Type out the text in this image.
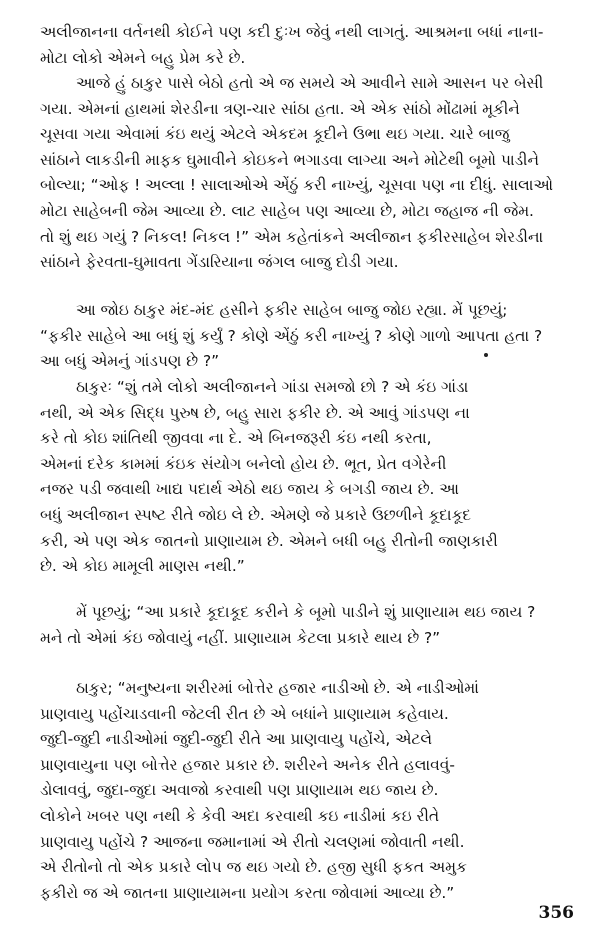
અલીજાનના વર્તનથી કોઈને પણ કદી દુઃખ જેવું નથી લાગતું. આશ્રમના બધાં નાના-
મોટા લોકો એમને બહુ પ્રેમ કરે છે.

આજે હું ઠાકુર પાસે બેઠો હતો એ જ સમયે એ આવીને સામે આસન પર બેસી
ગયા. એમનાં હાથમાં શેરડીના ત્રણ-ચાર સાંઠા હતા. એ એક સાંઠો મોંઢામાં મૂકીને
ચૂસવા ગયા એવામાં કંઇ થયું એટલે એકદમ કૂદીને ઉભા થઇ ગયા. ચારે બાજુ
સાંઠાને લાકડીની માફક ઘુમાવીને કોઇકને ભગાડવા લાગ્યા અને મોટેથી બૂમો પાડીને
બોલ્યા; “ઓફ ! અલ્લા ! સાલાઓએ એંઠું કરી નાખ્યું, ચૂસવા પણ ના દીધું. સાલાઓ
મોટા સાહેબની જેમ આવ્યા છે. લાટ સાહેબ પણ આવ્યા છે, મોટા જહાજ ની જેમ.
તો શું થઇ ગયું ? નિકલ! નિકલ !” એમ કહેતાંકને અલીજાન ફકીરસાહેબ શેરડીના
સાંઠાને ફેરવતા-ઘુમાવતા ગેંડારિયાના જંગલ બાજુ દોડી ગયા.

આ જોઇ ઠાકુર મંદ-મંદ હસીને ફકીર સાહેબ બાજુ જોઇ રહ્યા. મેં પૂછયું;
“ફકીર સાહેબે આ બધું શું કર્યું ? કોણે એંઠું કરી નાખ્યું ? કોણે ગાળો આપતા હતા ?
આ બધું એમનું ગાંડપણ છે ?”

ઠાકુરઃ “શું તમે લોકો અલીજાનને ગાંડા સમજો છો ? એ કંઇ ગાંડા
નથી, એ એક સિદ્ધ પુરુષ છે, બહુ સારા ફકીર છે. એ આવું ગાંડપણ ના
કરે તો કોઇ શાંતિથી જીવવા ના દે. એ બિનજરૂરી કંઇ નથી કરતા,
એમનાં દરેક કામમાં કંઇક સંયોગ બનેલો હોય છે. ભૂત, પ્રેત વગેરેની
નજર પડી જવાથી ખાદ્ય પદાર્થ એઠો થઇ જાય કે બગડી જાય છે. આ
બધું અલીજાન સ્પષ્ટ રીતે જોઇ લે છે. એમણે જે પ્રકારે ઉછળીને કૂદાકૂદ
કરી, એ પણ એક જાતનો પ્રાણાયામ છે. એમને બધી બહુ રીતોની જાણકારી
છે. એ કોઇ મામૂલી માણસ નથી.”

મેં પૂછયું; “આ પ્રકારે કૂદાકૂદ કરીને કે બૂમો પાડીને શું પ્રાણાયામ થઇ જાય ?
મને તો એમાં કંઇ જોવાયું નહીં. પ્રાણાયામ કેટલા પ્રકારે થાય છે ?”

ઠાકુર; “મનુષ્યના શરીરમાં બોત્તેર હજાર નાડીઓ છે. એ નાડીઓમાં
પ્રાણવાયુ પહોંચાડવાની જેટલી રીત છે એ બધાંને પ્રાણાયામ કહેવાય.
જુદી-જુદી નાડીઓમાં જુદી-જુદી રીતે આ પ્રાણવાયુ પહોંચે, એટલે
પ્રાણવાયુના પણ બોત્તેર હજાર પ્રકાર છે. શરીરને અનેક રીતે હલાવવું-
ડોલાવવું, જુદા-જુદા અવાજો કરવાથી પણ પ્રાણાયામ થઇ જાય છે.
લોકોને ખબર પણ નથી કે કેવી અદા કરવાથી કઇ નાડીમાં કઇ રીતે
પ્રાણવાયુ પહોંચે ? આજના જમાનામાં એ રીતો ચલણમાં જોવાતી નથી.
એ રીતોનો તો એક પ્રકારે લોપ જ થઇ ગયો છે. હજી સુધી ફકત અમુક
ફકીરો જ એ જાતના પ્રાણાયામના પ્રયોગ કરતા જોવામાં આવ્યા છે.”

356
